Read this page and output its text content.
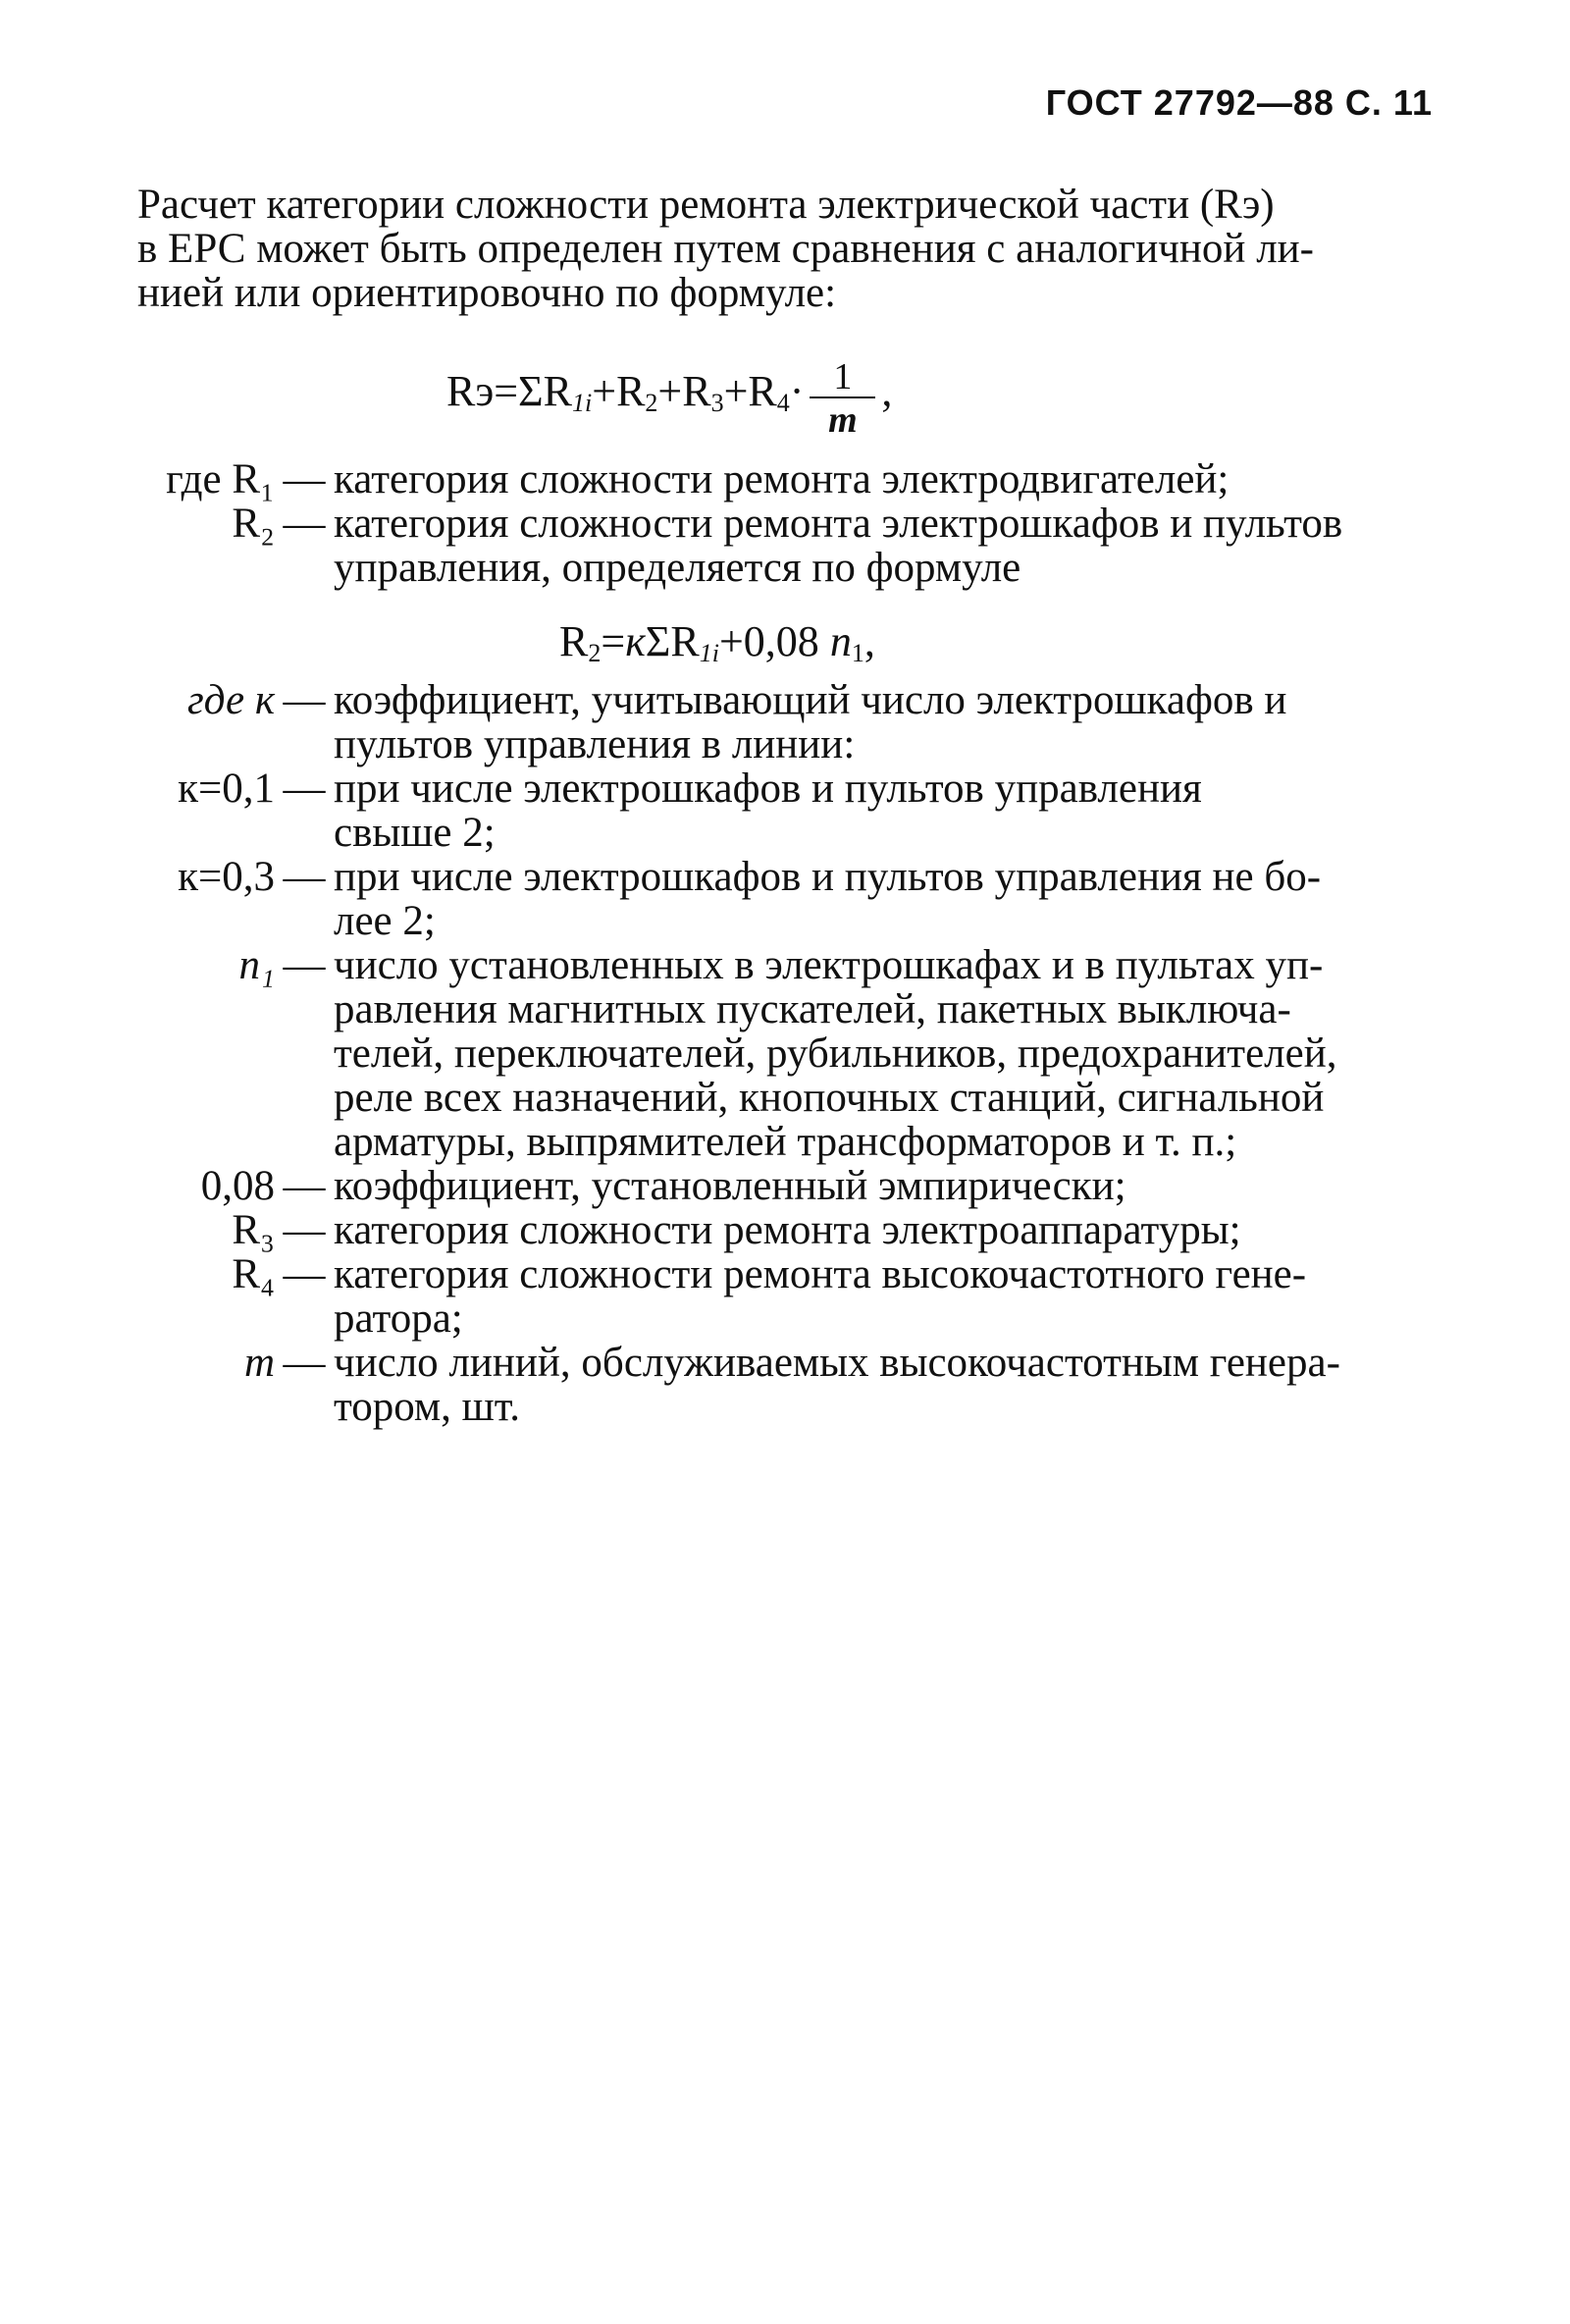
ГОСТ 27792—88 С. 11
Расчет категории сложности ремонта электрической части (Rэ)
в ЕРС может быть определен путем сравнения с аналогичной ли-
нией или ориентировочно по формуле:
$Rэ=\Sigma R_{1i}+R_2+R_3+R_4\cdot \frac{1}{m}$ ,
где R₁ — категория сложности ремонта электродвигателей;
R₂ — категория сложности ремонта электрошкафов и пультов
управления, определяется по формуле
где к — коэффициент, учитывающий число электрошкафов и
пультов управления в линии:
к=0,1 — при числе электрошкафов и пультов управления
свыше 2;
к=0,3 — при числе электрошкафов и пультов управления не бо-
лее 2;
n₁ — число установленных в электрошкафах и в пультах уп-
равления магнитных пускателей, пакетных выключа-
телей, переключателей, рубильников, предохранителей,
реле всех назначений, кнопочных станций, сигнальной
арматуры, выпрямителей трансформаторов и т. п.;
0,08 — коэффициент, установленный эмпирически;
R₃ — категория сложности ремонта электроаппаратуры;
R₄ — категория сложности ремонта высокочастотного гене-
ратора;
m — число линий, обслуживаемых высокочастотным генера-
тором, шт.
$R_2=к\Sigma R_{1i}+0,08$ $n_1$,
